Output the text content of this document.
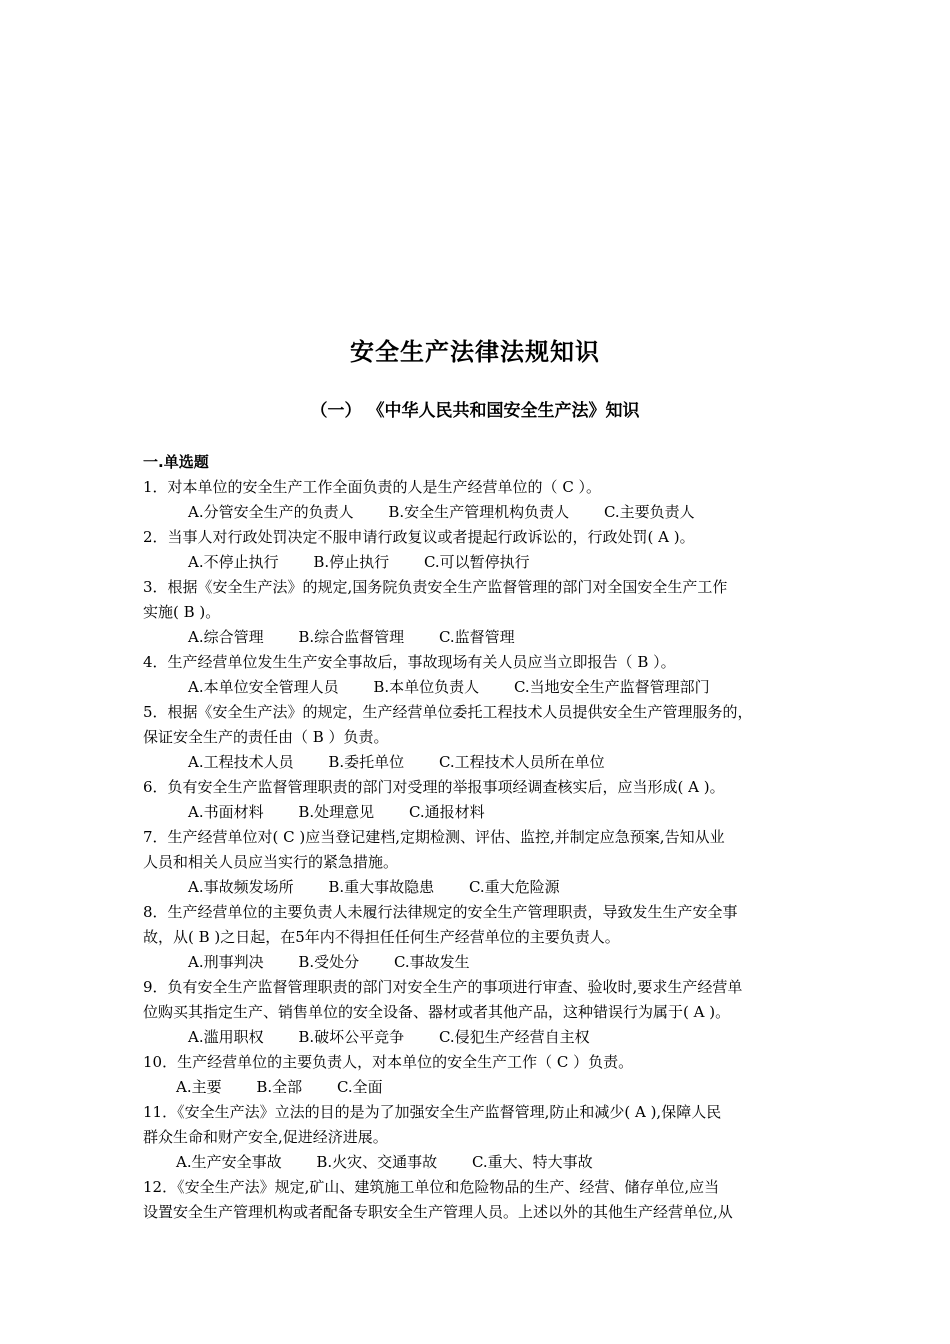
安全生产法律法规知识
（一） 《中华人民共和国安全生产法》知识
一.单选题
1．对本单位的安全生产工作全面负责的人是生产经营单位的（ C ）。
A.分管安全生产的负责人 B.安全生产管理机构负责人 C.主要负责人
2．当事人对行政处罚决定不服申请行政复议或者提起行政诉讼的，行政处罚( A )。
A.不停止执行 B.停止执行 C.可以暂停执行
3．根据《安全生产法》的规定,国务院负责安全生产监督管理的部门对全国安全生产工作
实施( B )。
A.综合管理 B.综合监督管理 C.监督管理
4．生产经营单位发生生产安全事故后，事故现场有关人员应当立即报告（ B ）。
A.本单位安全管理人员 B.本单位负责人 C.当地安全生产监督管理部门
5．根据《安全生产法》的规定，生产经营单位委托工程技术人员提供安全生产管理服务的，
保证安全生产的责任由（ B ）负责。
A.工程技术人员 B.委托单位 C.工程技术人员所在单位
6．负有安全生产监督管理职责的部门对受理的举报事项经调查核实后，应当形成( A )。
A.书面材料 B.处理意见 C.通报材料
7．生产经营单位对( C )应当登记建档,定期检测、评估、监控,并制定应急预案,告知从业
人员和相关人员应当实行的紧急措施。
A.事故频发场所 B.重大事故隐患 C.重大危险源
8．生产经营单位的主要负责人未履行法律规定的安全生产管理职责，导致发生生产安全事
故，从( B )之日起，在5年内不得担任任何生产经营单位的主要负责人。
A.刑事判决 B.受处分 C.事故发生
9．负有安全生产监督管理职责的部门对安全生产的事项进行审查、验收时,要求生产经营单
位购买其指定生产、销售单位的安全设备、器材或者其他产品，这种错误行为属于( A )。
A.滥用职权 B.破坏公平竞争 C.侵犯生产经营自主权
10．生产经营单位的主要负责人，对本单位的安全生产工作（ C ）负责。
A.主要 B.全部 C.全面
11．《安全生产法》立法的目的是为了加强安全生产监督管理,防止和减少( A ),保障人民
群众生命和财产安全,促进经济进展。
A.生产安全事故 B.火灾、交通事故 C.重大、特大事故
12．《安全生产法》规定,矿山、建筑施工单位和危险物品的生产、经营、储存单位,应当
设置安全生产管理机构或者配备专职安全生产管理人员。上述以外的其他生产经营单位,从
